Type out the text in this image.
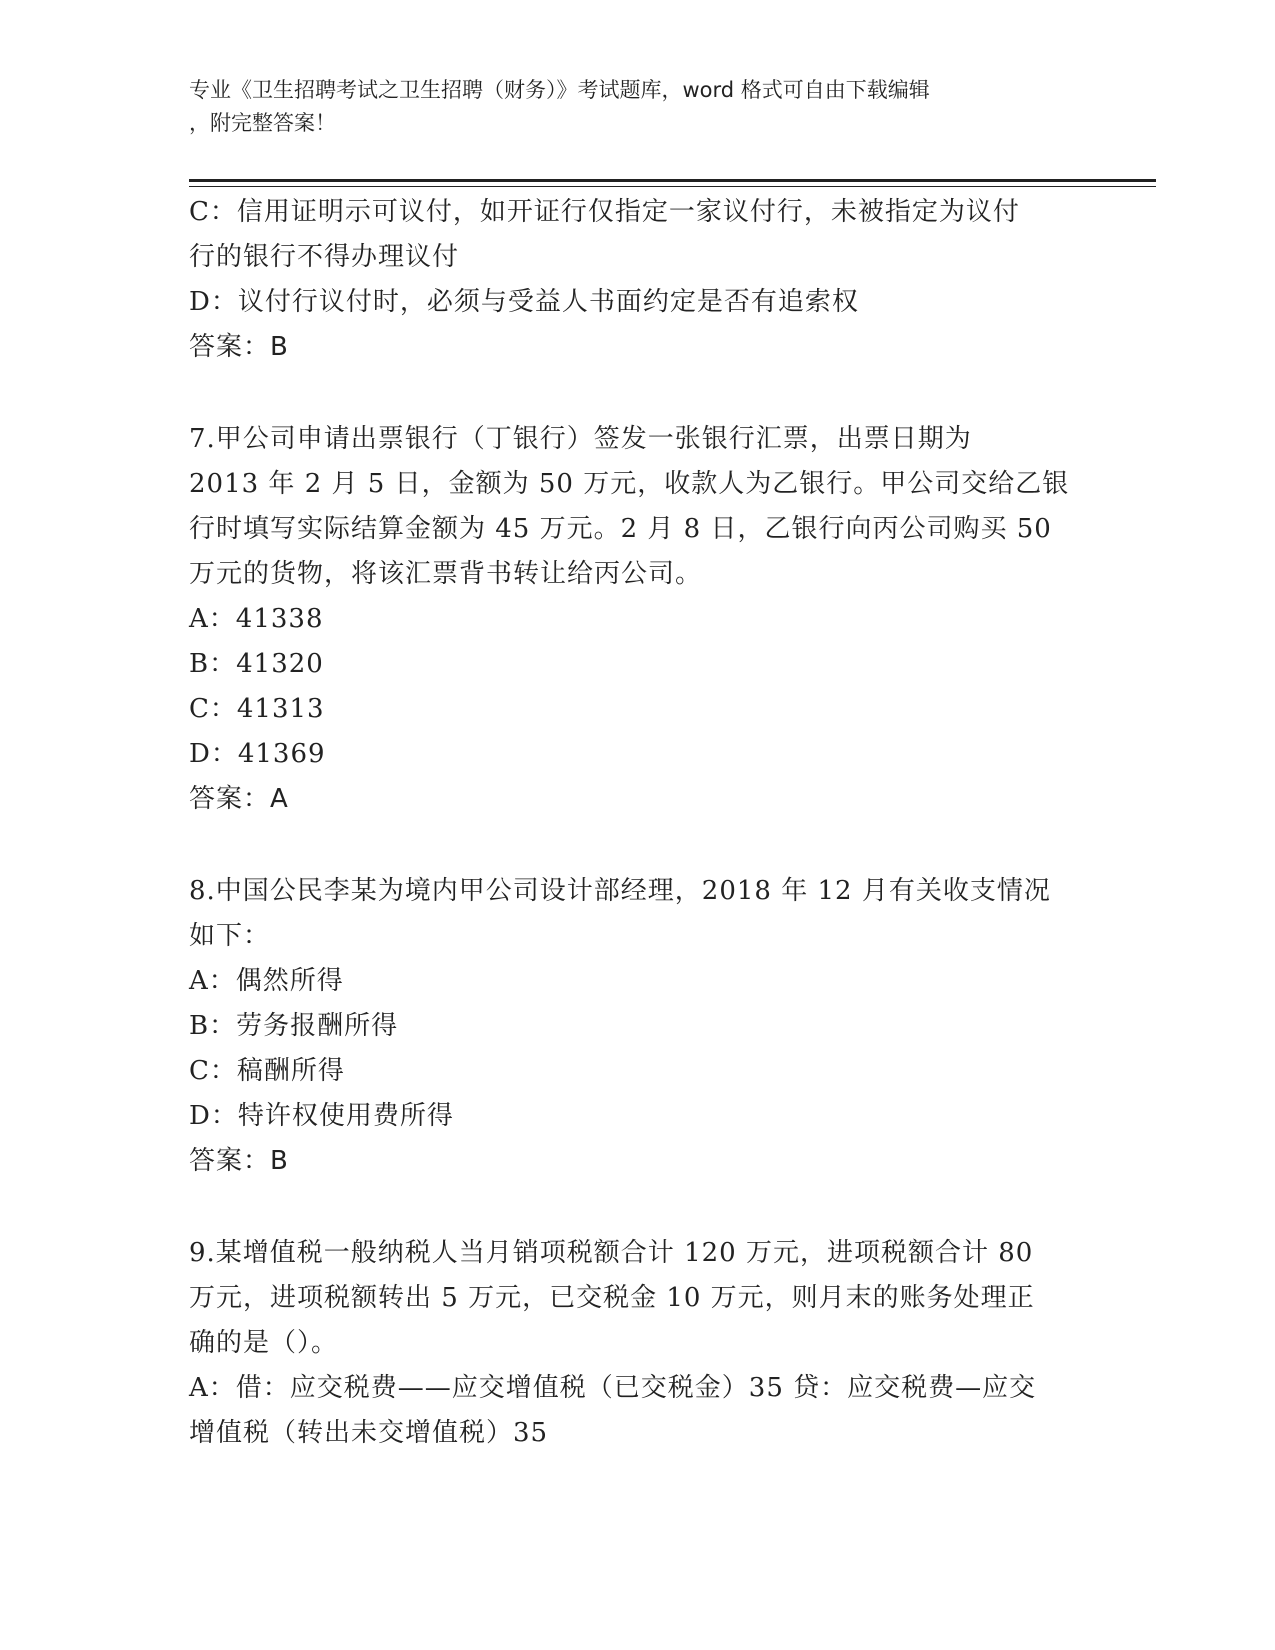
专业《卫生招聘考试之卫生招聘（财务）》考试题库，word 格式可自由下载编辑
，附完整答案！
C：信用证明示可议付，如开证行仅指定一家议付行，未被指定为议付
行的银行不得办理议付
D：议付行议付时，必须与受益人书面约定是否有追索权
答案：B
7.甲公司申请出票银行（丁银行）签发一张银行汇票，出票日期为
2013 年 2 月 5 日，金额为 50 万元，收款人为乙银行。甲公司交给乙银
行时填写实际结算金额为 45 万元。2 月 8 日，乙银行向丙公司购买 50
万元的货物，将该汇票背书转让给丙公司。
A：41338
B：41320
C：41313
D：41369
答案：A
8.中国公民李某为境内甲公司设计部经理，2018 年 12 月有关收支情况
如下：
A：偶然所得
B：劳务报酬所得
C：稿酬所得
D：特许权使用费所得
答案：B
9.某增值税一般纳税人当月销项税额合计 120 万元，进项税额合计 80
万元，进项税额转出 5 万元，已交税金 10 万元，则月末的账务处理正
确的是（）。
A：借：应交税费——应交增值税（已交税金）35 贷：应交税费—应交
增值税（转出未交增值税）35
